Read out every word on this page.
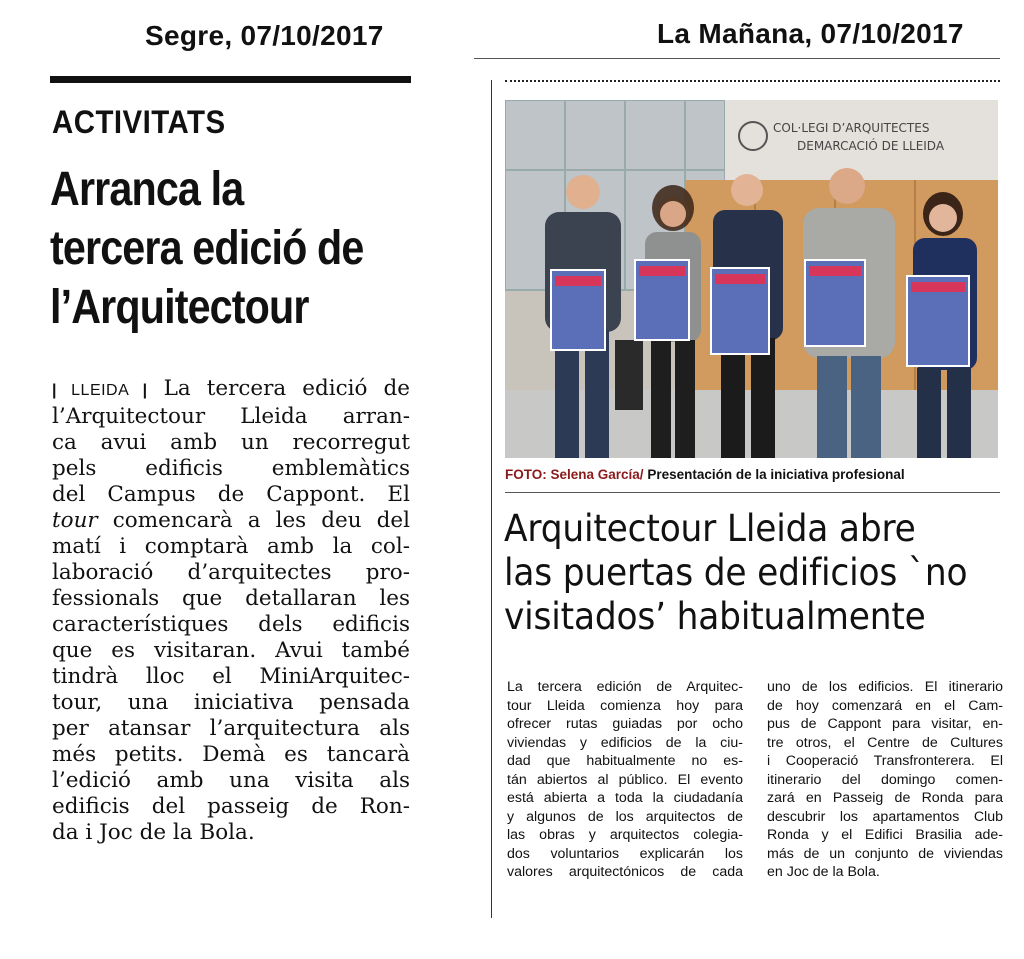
Segre, 07/10/2017
ACTIVITATS
Arranca la
tercera edició de
l’Arquitectour
| LLEIDA | La tercera edició de
l’Arquitectour Lleida arran-
ca avui amb un recorregut
pels edificis emblemàtics
del Campus de Cappont. El
tour comencarà a les deu del
matí i comptarà amb la col-
laboració d’arquitectes pro-
fessionals que detallaran les
característiques dels edificis
que es visitaran. Avui també
tindrà lloc el MiniArquitec-
tour, una iniciativa pensada
per atansar l’arquitectura als
més petits. Demà es tancarà
l’edició amb una visita als
edificis del passeig de Ron-
da i Joc de la Bola.
La Mañana, 07/10/2017
COL·LEGI D’ARQUITECTES
DEMARCACIÓ DE LLEIDA
FOTO: Selena García/ Presentación de la iniciativa profesional
Arquitectour Lleida abre
las puertas de edificios `no
visitados’ habitualmente
La tercera edición de Arquitec-
tour Lleida comienza hoy para
ofrecer rutas guiadas por ocho
viviendas y edificios de la ciu-
dad que habitualmente no es-
tán abiertos al público. El evento
está abierta a toda la ciudadanía
y algunos de los arquitectos de
las obras y arquitectos colegia-
dos voluntarios explicarán los
valores arquitectónicos de cada
uno de los edificios. El itinerario
de hoy comenzará en el Cam-
pus de Cappont para visitar, en-
tre otros, el Centre de Cultures
i Cooperació Transfronterera. El
itinerario del domingo comen-
zará en Passeig de Ronda para
descubrir los apartamentos Club
Ronda y el Edifici Brasilia ade-
más de un conjunto de viviendas
en Joc de la Bola.
